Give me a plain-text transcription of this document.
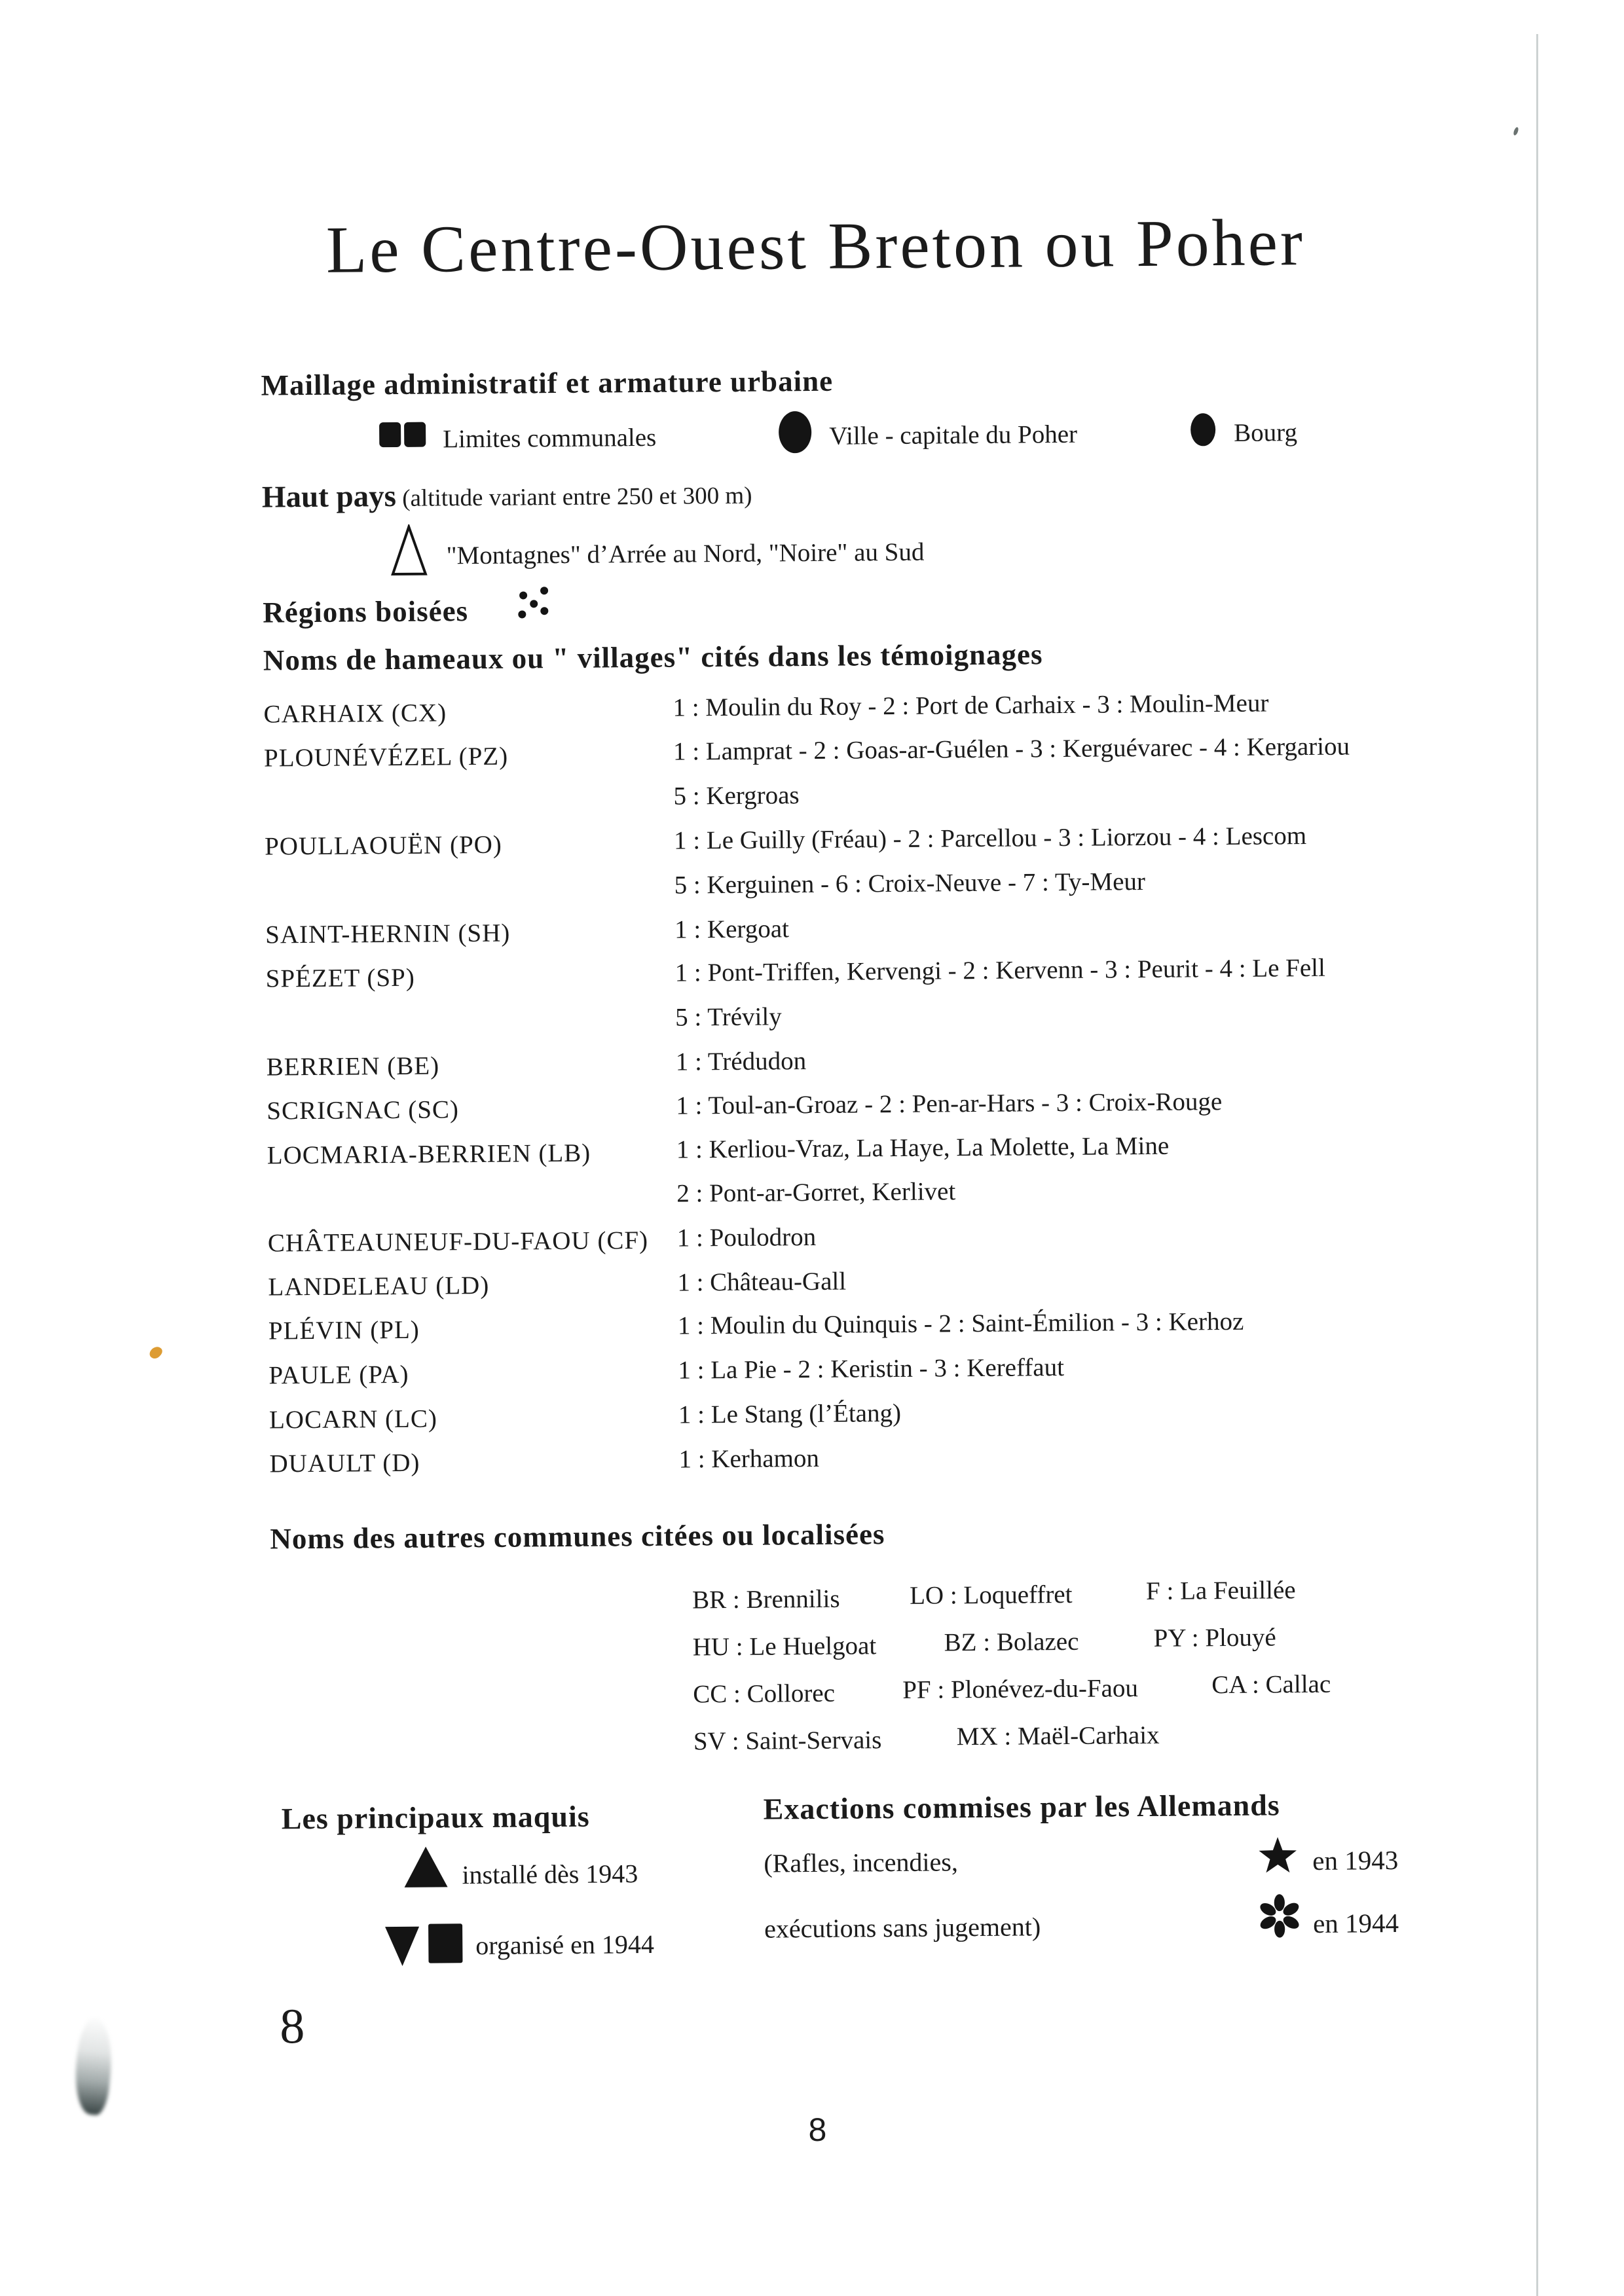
Le Centre-Ouest Breton ou Poher
Maillage administratif et armature urbaine
Limites communales	Ville - capitale du Poher	Bourg
Haut pays (altitude variant entre 250 et 300 m)
"Montagnes" d’Arrée au Nord, "Noire" au Sud
Régions boisées
Noms de hameaux ou " villages" cités dans les témoignages
CARHAIX (CX)	1 : Moulin du Roy - 2 : Port de Carhaix - 3 : Moulin-Meur
PLOUNÉVÉZEL (PZ)	1 : Lamprat - 2 : Goas-ar-Guélen - 3 : Kerguévarec - 4 : Kergariou
5 : Kergroas
POULLAOUËN (PO)	1 : Le Guilly (Fréau) - 2 : Parcellou - 3 : Liorzou - 4 : Lescom
5 : Kerguinen - 6 : Croix-Neuve - 7 : Ty-Meur
SAINT-HERNIN (SH)	1 : Kergoat
SPÉZET (SP)	1 : Pont-Triffen, Kervengi - 2 : Kervenn - 3 : Peurit - 4 : Le Fell
5 : Trévily
BERRIEN (BE)	1 : Trédudon
SCRIGNAC (SC)	1 : Toul-an-Groaz - 2 : Pen-ar-Hars - 3 : Croix-Rouge
LOCMARIA-BERRIEN (LB)	1 : Kerliou-Vraz, La Haye, La Molette, La Mine
2 : Pont-ar-Gorret, Kerlivet
CHÂTEAUNEUF-DU-FAOU (CF) 1 : Poulodron
LANDELEAU (LD)	1 : Château-Gall
PLÉVIN (PL)	1 : Moulin du Quinquis - 2 : Saint-Émilion - 3 : Kerhoz
PAULE (PA)	1 : La Pie - 2 : Keristin - 3 : Kereffaut
LOCARN (LC)	1 : Le Stang (l’Étang)
DUAULT (D)	1 : Kerhamon
Noms des autres communes citées ou localisées
BR : Brennilis	LO : Loqueffret	F : La Feuillée
HU : Le Huelgoat	BZ : Bolazec	PY : Plouyé
CC : Collorec	PF : Plonévez-du-Faou	CA : Callac
SV : Saint-Servais	MX : Maël-Carhaix
Les principaux maquis
installé dès 1943
organisé en 1944
Exactions commises par les Allemands
(Rafles, incendies,
exécutions sans jugement)
en 1943
en 1944
8
8
